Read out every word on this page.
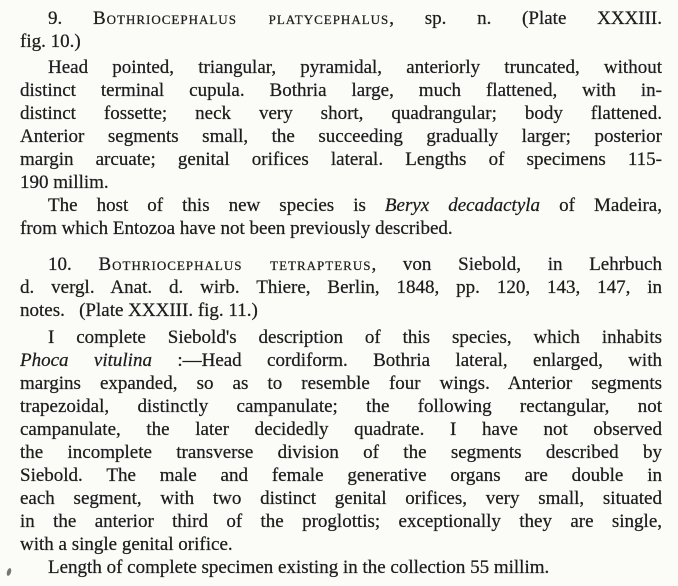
9. Bothriocephalus platycephalus, sp. n. (Plate XXXIII.
fig. 10.)
Head pointed, triangular, pyramidal, anteriorly truncated, without
distinct terminal cupula. Bothria large, much flattened, with in-
distinct fossette; neck very short, quadrangular; body flattened.
Anterior segments small, the succeeding gradually larger; posterior
margin arcuate; genital orifices lateral. Lengths of specimens 115-
190 millim.
The host of this new species is Beryx decadactyla of Madeira,
from which Entozoa have not been previously described.
10. Bothriocephalus tetrapterus, von Siebold, in Lehrbuch
d. vergl. Anat. d. wirb. Thiere, Berlin, 1848, pp. 120, 143, 147, in
notes.  (Plate XXXIII. fig. 11.)
I complete Siebold's description of this species, which inhabits
Phoca vitulina :—Head cordiform. Bothria lateral, enlarged, with
margins expanded, so as to resemble four wings. Anterior segments
trapezoidal, distinctly campanulate; the following rectangular, not
campanulate, the later decidedly quadrate. I have not observed
the incomplete transverse division of the segments described by
Siebold. The male and female generative organs are double in
each segment, with two distinct genital orifices, very small, situated
in the anterior third of the proglottis; exceptionally they are single,
with a single genital orifice.
Length of complete specimen existing in the collection 55 millim.
